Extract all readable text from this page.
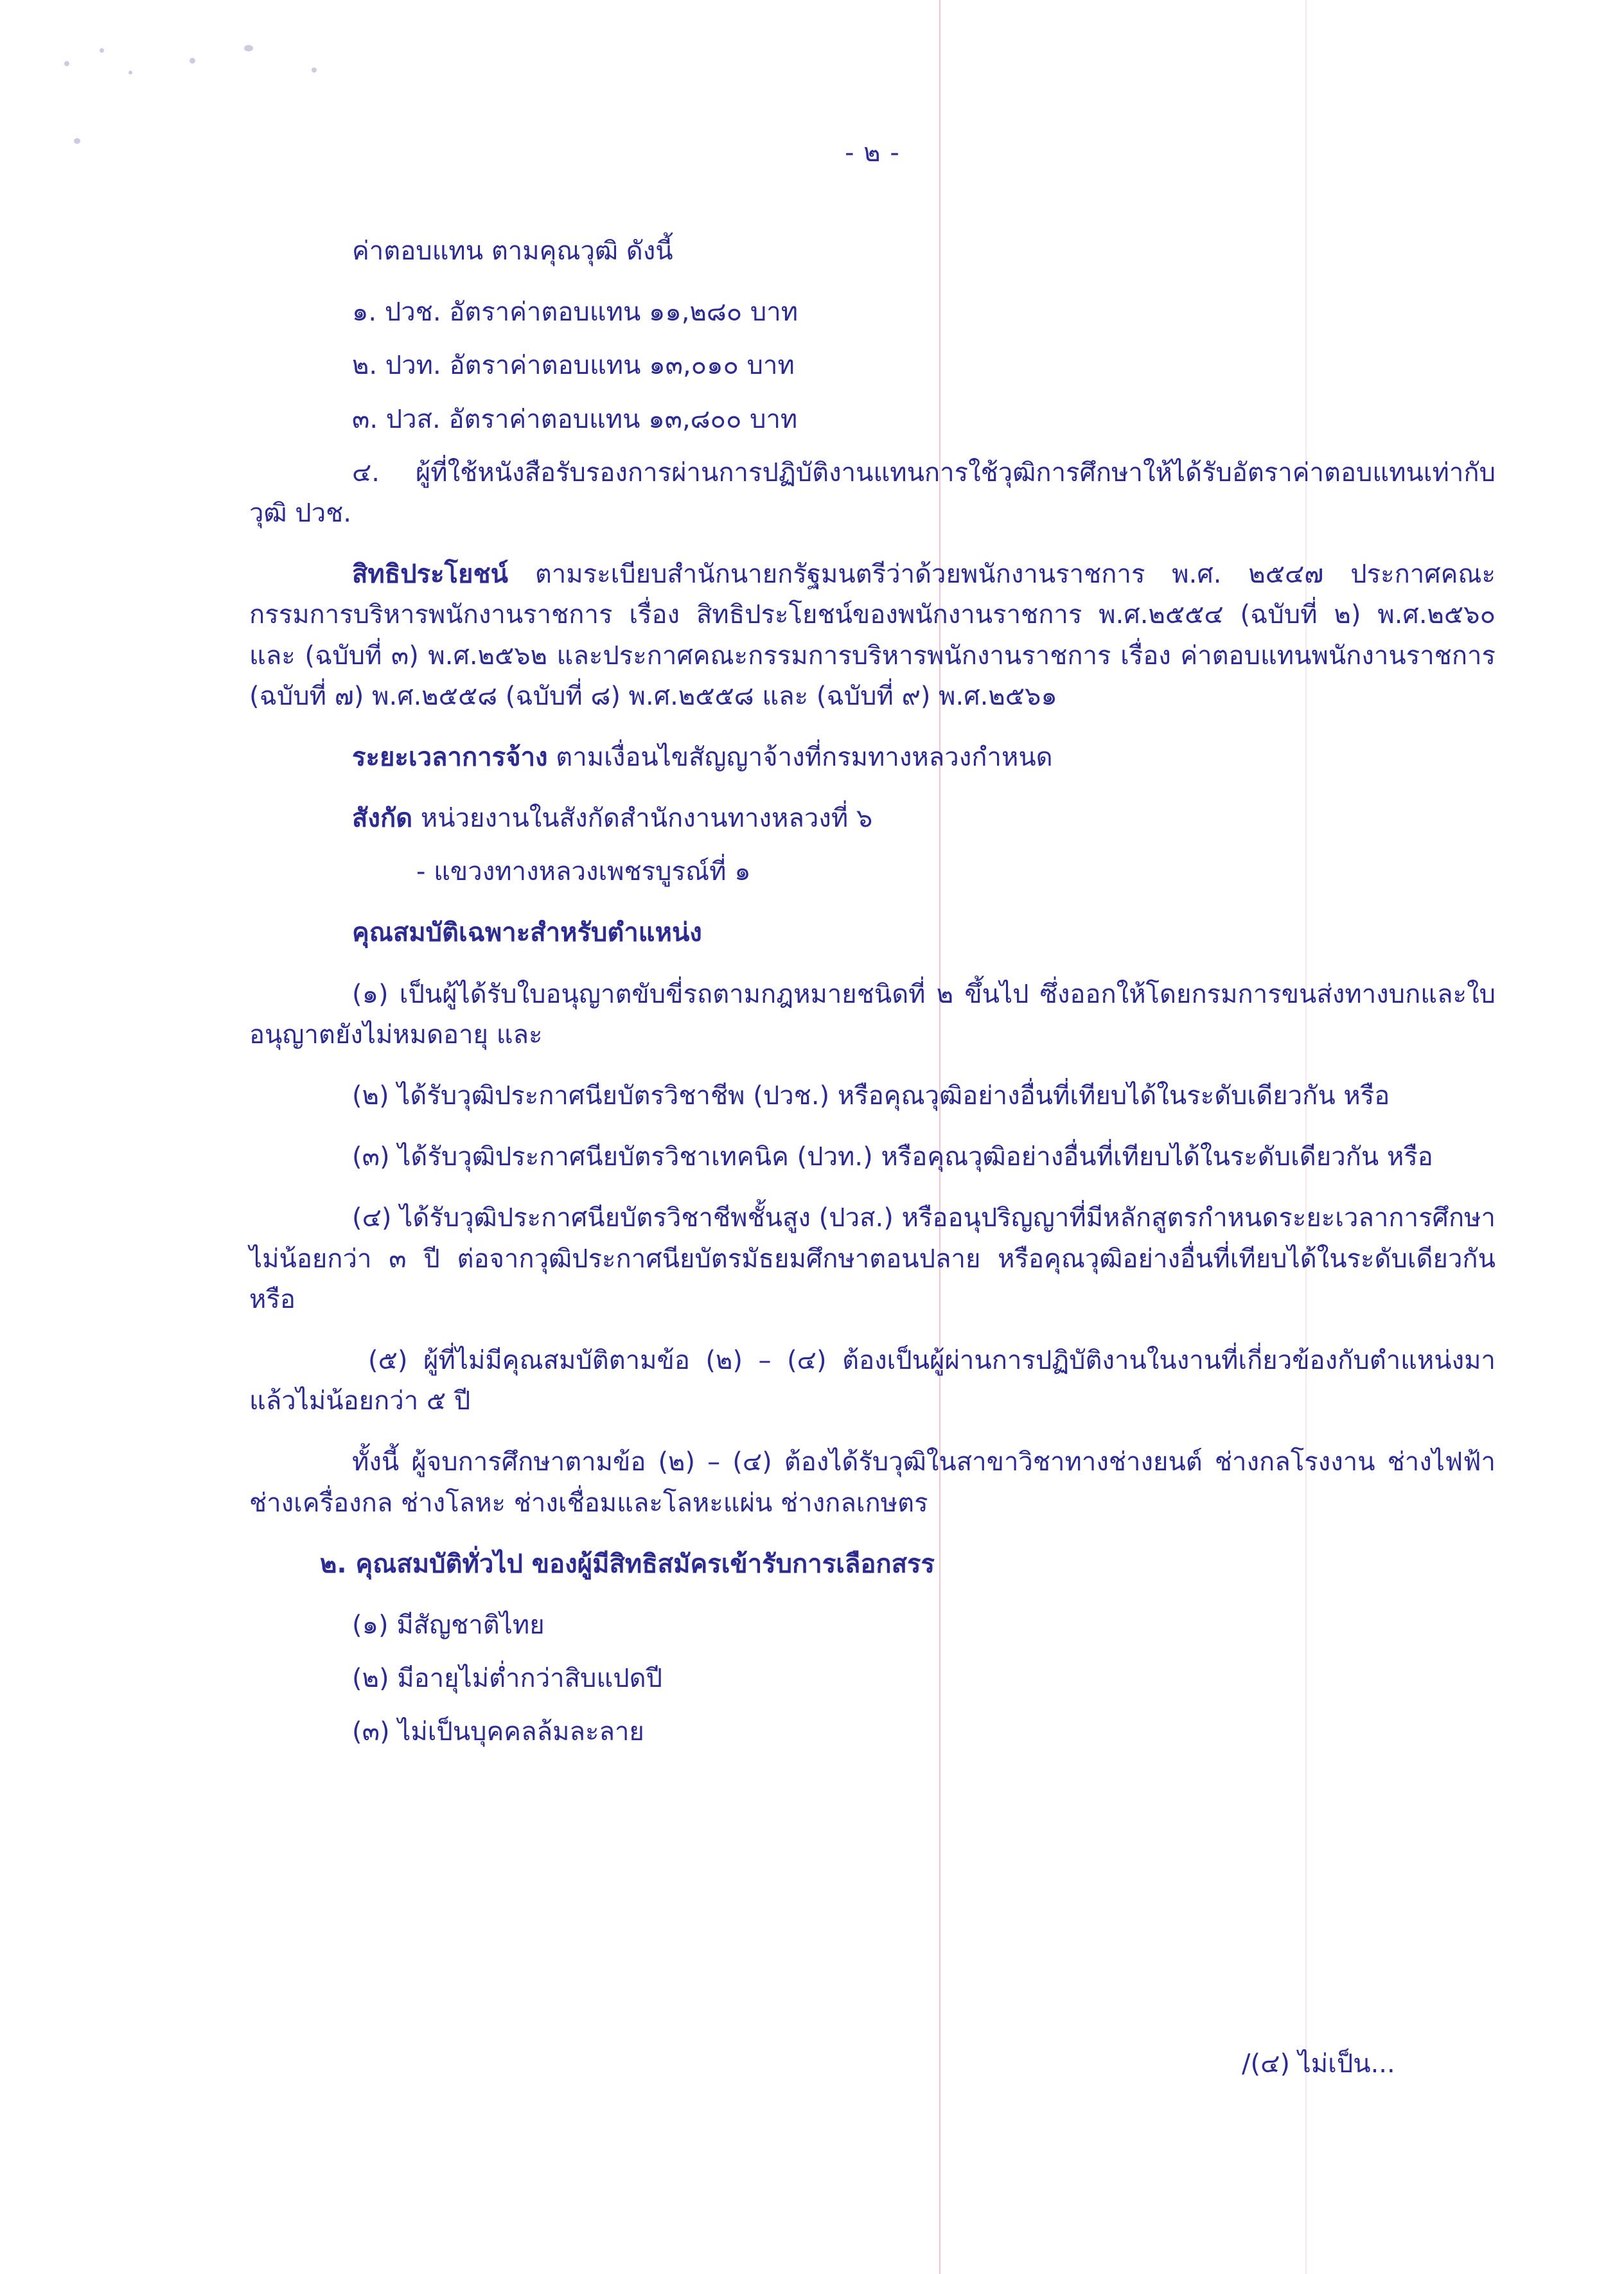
- ๒ -

ค่าตอบแทน ตามคุณวุฒิ ดังนี้

๑. ปวช. อัตราค่าตอบแทน ๑๑,๒๘๐ บาท

๒. ปวท. อัตราค่าตอบแทน ๑๓,๐๑๐ บาท

๓. ปวส. อัตราค่าตอบแทน ๑๓,๘๐๐ บาท

๔. ผู้ที่ใช้หนังสือรับรองการผ่านการปฏิบัติงานแทนการใช้วุฒิการศึกษาให้ได้รับอัตราค่าตอบแทนเท่ากับวุฒิ ปวช.

สิทธิประโยชน์ ตามระเบียบสำนักนายกรัฐมนตรีว่าด้วยพนักงานราชการ พ.ศ. ๒๕๔๗ ประกาศคณะกรรมการบริหารพนักงานราชการ เรื่อง สิทธิประโยชน์ของพนักงานราชการ พ.ศ.๒๕๕๔ (ฉบับที่ ๒) พ.ศ.๒๕๖๐ และ (ฉบับที่ ๓) พ.ศ.๒๕๖๒ และประกาศคณะกรรมการบริหารพนักงานราชการ เรื่อง ค่าตอบแทนพนักงานราชการ (ฉบับที่ ๗) พ.ศ.๒๕๕๘ (ฉบับที่ ๘) พ.ศ.๒๕๕๘ และ (ฉบับที่ ๙) พ.ศ.๒๕๖๑

ระยะเวลาการจ้าง ตามเงื่อนไขสัญญาจ้างที่กรมทางหลวงกำหนด

สังกัด หน่วยงานในสังกัดสำนักงานทางหลวงที่ ๖

- แขวงทางหลวงเพชรบูรณ์ที่ ๑

คุณสมบัติเฉพาะสำหรับตำแหน่ง

(๑) เป็นผู้ได้รับใบอนุญาตขับขี่รถตามกฎหมายชนิดที่ ๒ ขึ้นไป ซึ่งออกให้โดยกรมการขนส่งทางบกและใบอนุญาตยังไม่หมดอายุ และ

(๒) ได้รับวุฒิประกาศนียบัตรวิชาชีพ (ปวช.) หรือคุณวุฒิอย่างอื่นที่เทียบได้ในระดับเดียวกัน หรือ

(๓) ได้รับวุฒิประกาศนียบัตรวิชาเทคนิค (ปวท.) หรือคุณวุฒิอย่างอื่นที่เทียบได้ในระดับเดียวกัน หรือ

(๔) ได้รับวุฒิประกาศนียบัตรวิชาชีพชั้นสูง (ปวส.) หรืออนุปริญญาที่มีหลักสูตรกำหนดระยะเวลาการศึกษาไม่น้อยกว่า ๓ ปี ต่อจากวุฒิประกาศนียบัตรมัธยมศึกษาตอนปลาย หรือคุณวุฒิอย่างอื่นที่เทียบได้ในระดับเดียวกัน หรือ

(๕) ผู้ที่ไม่มีคุณสมบัติตามข้อ (๒) – (๔) ต้องเป็นผู้ผ่านการปฏิบัติงานในงานที่เกี่ยวข้องกับตำแหน่งมาแล้วไม่น้อยกว่า ๕ ปี

ทั้งนี้ ผู้จบการศึกษาตามข้อ (๒) – (๔) ต้องได้รับวุฒิในสาขาวิชาทางช่างยนต์ ช่างกลโรงงาน ช่างไฟฟ้า ช่างเครื่องกล ช่างโลหะ ช่างเชื่อมและโลหะแผ่น ช่างกลเกษตร

๒. คุณสมบัติทั่วไป ของผู้มีสิทธิสมัครเข้ารับการเลือกสรร

(๑) มีสัญชาติไทย

(๒) มีอายุไม่ต่ำกว่าสิบแปดปี

(๓) ไม่เป็นบุคคลล้มละลาย

/(๔) ไม่เป็น...
